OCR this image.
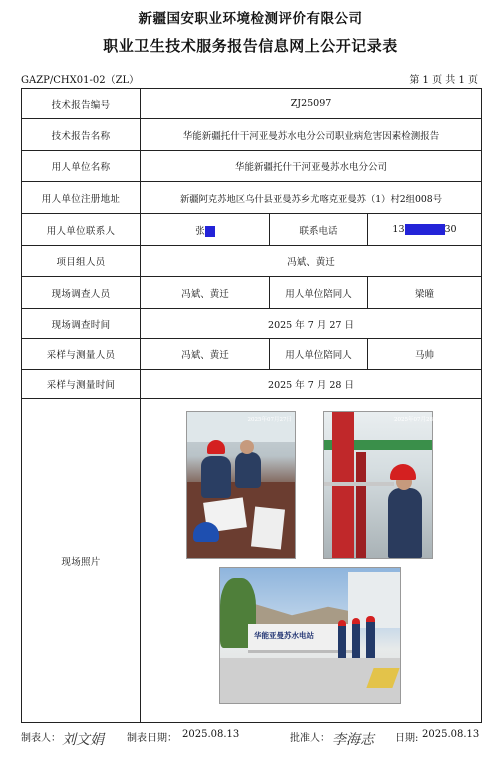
新疆国安职业环境检测评价有限公司
职业卫生技术服务报告信息网上公开记录表
GAZP/CHX01-02（ZL）	第 1 页 共 1 页
技术报告编号	ZJ25097		
技术报告名称	华能新疆托什干河亚曼苏水电分公司职业病危害因素检测报告		
用人单位名称	华能新疆托什干河亚曼苏水电分公司		
用人单位注册地址	新疆阿克苏地区乌什县亚曼苏乡尤喀克亚曼苏（1）村2组008号		
用人单位联系人	张	联系电话	13 30
项目组人员	冯斌、黄迁		
现场调查人员	冯斌、黄迁	用人单位陪同人	梁曈
现场调查时间	2025 年 7 月 27 日		
采样与测量人员	冯斌、黄迁	用人单位陪同人	马帅
采样与测量时间	2025 年 7 月 28 日		
现场照片	2025年07月27日 2025年07月28日
华能亚曼苏水电站		
制表人： 刘文娟 制表日期： 2025.08.13	批准人： 李海志 日期: 2025.08.13
